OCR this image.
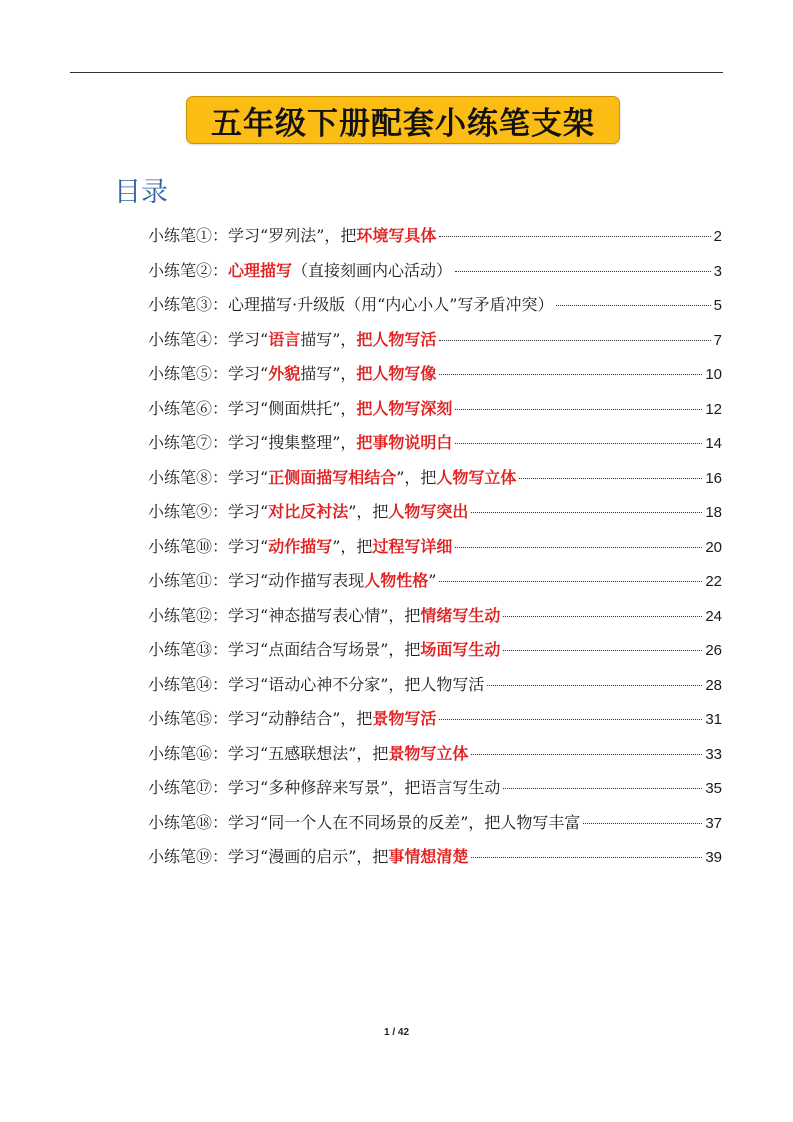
五年级下册配套小练笔支架
目录
小练笔①： 学习“罗列法”，把环境写具体	2
小练笔②： 心理描写（直接刻画内心活动）	3
小练笔③： 心理描写·升级版（用“内心小人”写矛盾冲突）	5
小练笔④： 学习“语言描写”，把人物写活	7
小练笔⑤： 学习“外貌描写”，把人物写像	10
小练笔⑥： 学习“侧面烘托”，把人物写深刻	12
小练笔⑦： 学习“搜集整理”，把事物说明白	14
小练笔⑧： 学习“正侧面描写相结合”，把人物写立体	16
小练笔⑨： 学习“对比反衬法”，把人物写突出	18
小练笔⑩： 学习“动作描写”，把过程写详细	20
小练笔⑪： 学习“动作描写表现人物性格”	22
小练笔⑫： 学习“神态描写表心情”，把情绪写生动	24
小练笔⑬： 学习“点面结合写场景”，把场面写生动	26
小练笔⑭： 学习“语动心神不分家”，把人物写活	28
小练笔⑮： 学习“动静结合”，把景物写活	31
小练笔⑯： 学习“五感联想法”，把景物写立体	33
小练笔⑰： 学习“多种修辞来写景”，把语言写生动	35
小练笔⑱： 学习“同一个人在不同场景的反差”，把人物写丰富	37
小练笔⑲： 学习“漫画的启示”，把事情想清楚	39
1 / 42
